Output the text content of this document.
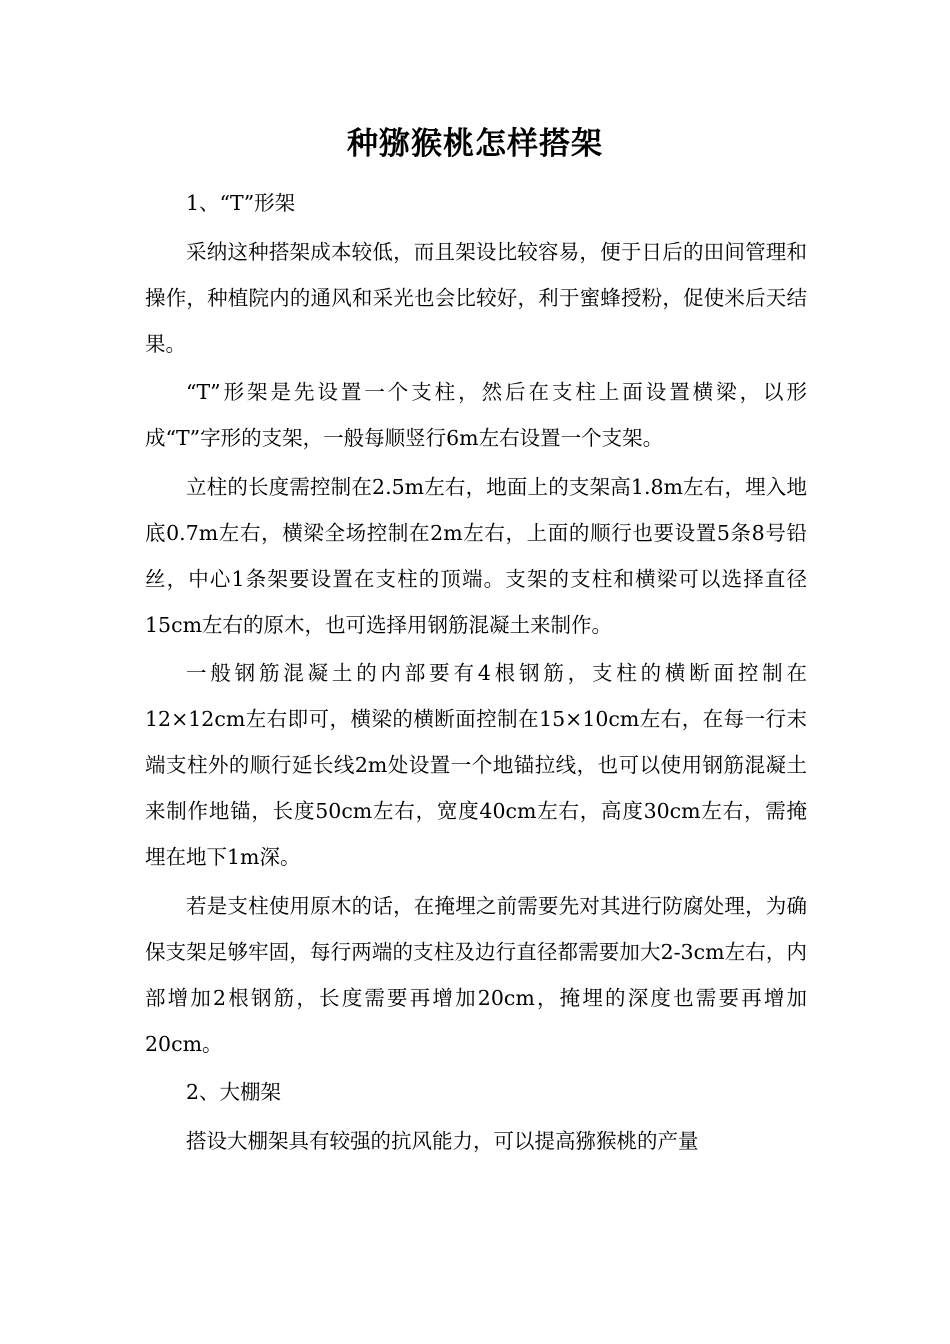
种猕猴桃怎样搭架
1、“T”形架

采纳这种搭架成本较低，而且架设比较容易，便于日后的田间管理和操作，种植院内的通风和采光也会比较好，利于蜜蜂授粉，促使米后天结果。

“T”形架是先设置一个支柱，然后在支柱上面设置横梁，以形成“T”字形的支架，一般每顺竖行6m左右设置一个支架。

立柱的长度需控制在2.5m左右，地面上的支架高1.8m左右，埋入地底0.7m左右，横梁全场控制在2m左右，上面的顺行也要设置5条8号铅丝，中心1条架要设置在支柱的顶端。支架的支柱和横梁可以选择直径15cm左右的原木，也可选择用钢筋混凝土来制作。

一般钢筋混凝土的内部要有4根钢筋，支柱的横断面控制在12×12cm左右即可，横梁的横断面控制在15×10cm左右，在每一行末端支柱外的顺行延长线2m处设置一个地锚拉线，也可以使用钢筋混凝土来制作地锚，长度50cm左右，宽度40cm左右，高度30cm左右，需掩埋在地下1m深。

若是支柱使用原木的话，在掩埋之前需要先对其进行防腐处理，为确保支架足够牢固，每行两端的支柱及边行直径都需要加大2-3cm左右，内部增加2根钢筋，长度需要再增加20cm，掩埋的深度也需要再增加20cm。

2、大棚架

搭设大棚架具有较强的抗风能力，可以提高猕猴桃的产量
